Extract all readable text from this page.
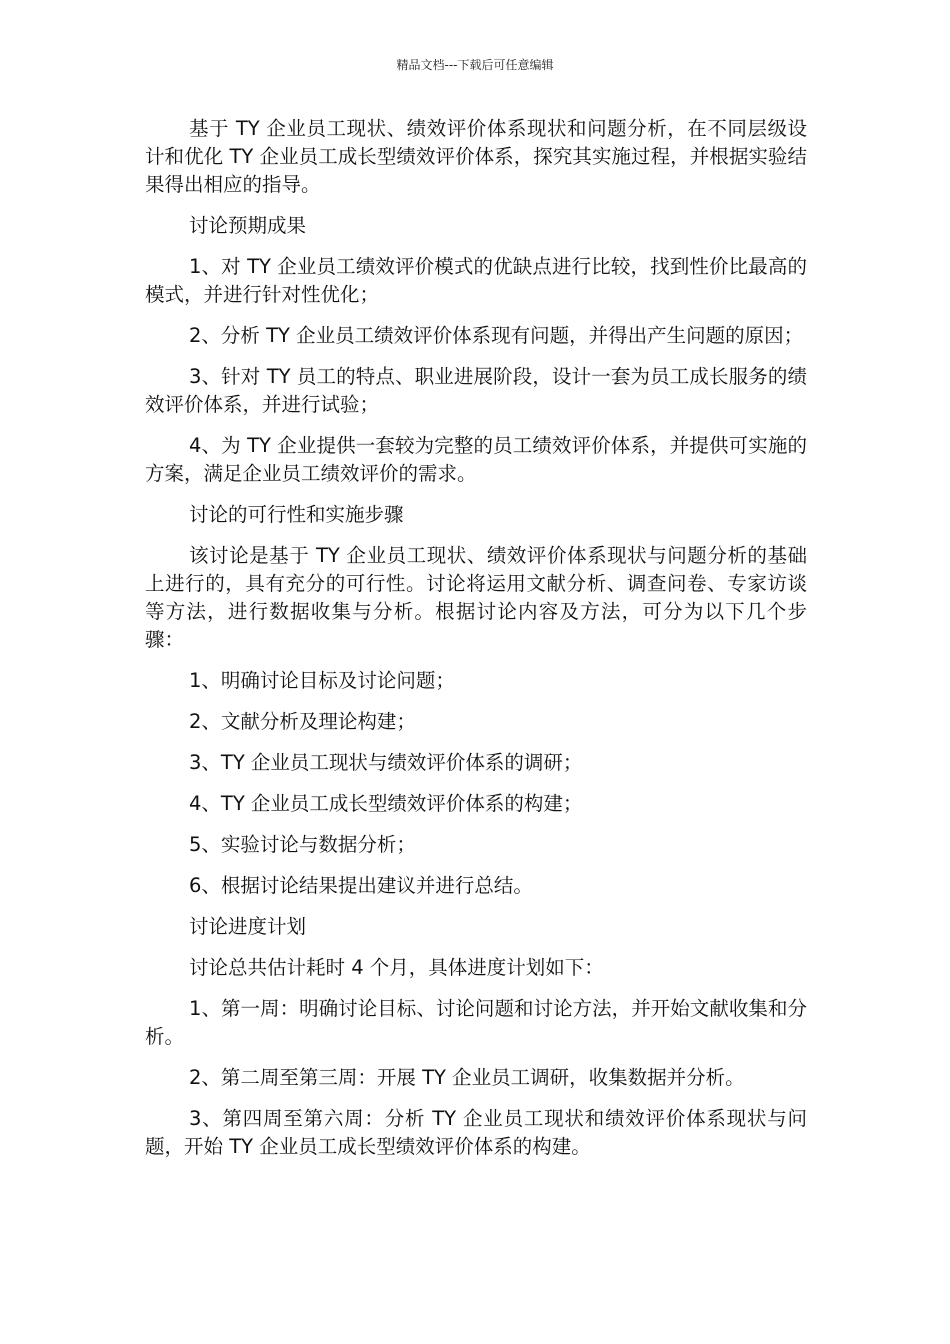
精品文档---下载后可任意编辑

基于 TY 企业员工现状、绩效评价体系现状和问题分析，在不同层级设计和优化 TY 企业员工成长型绩效评价体系，探究其实施过程，并根据实验结果得出相应的指导。

讨论预期成果

1、对 TY 企业员工绩效评价模式的优缺点进行比较，找到性价比最高的模式，并进行针对性优化；

2、分析 TY 企业员工绩效评价体系现有问题，并得出产生问题的原因；

3、针对 TY 员工的特点、职业进展阶段，设计一套为员工成长服务的绩效评价体系，并进行试验；

4、为 TY 企业提供一套较为完整的员工绩效评价体系，并提供可实施的方案，满足企业员工绩效评价的需求。

讨论的可行性和实施步骤

该讨论是基于 TY 企业员工现状、绩效评价体系现状与问题分析的基础上进行的，具有充分的可行性。讨论将运用文献分析、调查问卷、专家访谈等方法，进行数据收集与分析。根据讨论内容及方法，可分为以下几个步骤：

1、明确讨论目标及讨论问题；

2、文献分析及理论构建；

3、TY 企业员工现状与绩效评价体系的调研；

4、TY 企业员工成长型绩效评价体系的构建；

5、实验讨论与数据分析；

6、根据讨论结果提出建议并进行总结。

讨论进度计划

讨论总共估计耗时 4 个月，具体进度计划如下：

1、第一周：明确讨论目标、讨论问题和讨论方法，并开始文献收集和分析。

2、第二周至第三周：开展 TY 企业员工调研，收集数据并分析。

3、第四周至第六周：分析 TY 企业员工现状和绩效评价体系现状与问题，开始 TY 企业员工成长型绩效评价体系的构建。
